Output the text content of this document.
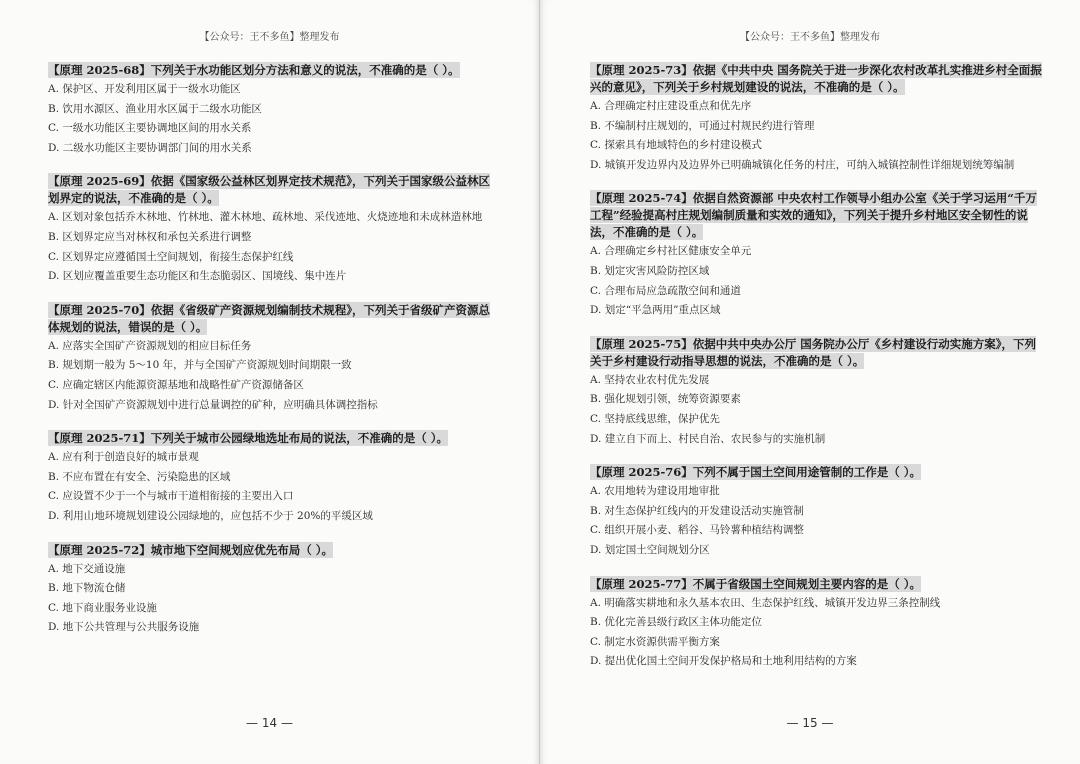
【公众号：王不多鱼】整理发布

【原理 2025-68】下列关于水功能区划分方法和意义的说法，不准确的是（ ）。

A. 保护区、开发利用区属于一级水功能区

B. 饮用水源区、渔业用水区属于二级水功能区

C. 一级水功能区主要协调地区间的用水关系

D. 二级水功能区主要协调部门间的用水关系

【原理 2025-69】依据《国家级公益林区划界定技术规范》，下列关于国家级公益林区划界定的说法，不准确的是（ ）。

A. 区划对象包括乔木林地、竹林地、灌木林地、疏林地、采伐迹地、火烧迹地和未成林造林地

B. 区划界定应当对林权和承包关系进行调整

C. 区划界定应遵循国土空间规划，衔接生态保护红线

D. 区划应覆盖重要生态功能区和生态脆弱区、国境线、集中连片

【原理 2025-70】依据《省级矿产资源规划编制技术规程》，下列关于省级矿产资源总体规划的说法，错误的是（ ）。

A. 应落实全国矿产资源规划的相应目标任务

B. 规划期一般为 5～10 年，并与全国矿产资源规划时间期限一致

C. 应确定辖区内能源资源基地和战略性矿产资源储备区

D. 针对全国矿产资源规划中进行总量调控的矿种，应明确具体调控指标

【原理 2025-71】下列关于城市公园绿地选址布局的说法，不准确的是（ ）。

A. 应有利于创造良好的城市景观

B. 不应布置在有安全、污染隐患的区域

C. 应设置不少于一个与城市干道相衔接的主要出入口

D. 利用山地环境规划建设公园绿地的，应包括不少于 20%的平缓区域

【原理 2025-72】城市地下空间规划应优先布局（ ）。

A. 地下交通设施

B. 地下物流仓储

C. 地下商业服务业设施

D. 地下公共管理与公共服务设施

— 14 —
【公众号：王不多鱼】整理发布

【原理 2025-73】依据《中共中央 国务院关于进一步深化农村改革扎实推进乡村全面振兴的意见》，下列关于乡村规划建设的说法，不准确的是（ ）。

A. 合理确定村庄建设重点和优先序

B. 不编制村庄规划的，可通过村规民约进行管理

C. 探索具有地域特色的乡村建设模式

D. 城镇开发边界内及边界外已明确城镇化任务的村庄，可纳入城镇控制性详细规划统筹编制

【原理 2025-74】依据自然资源部 中央农村工作领导小组办公室《关于学习运用“千万工程”经验提高村庄规划编制质量和实效的通知》，下列关于提升乡村地区安全韧性的说法，不准确的是（ ）。

A. 合理确定乡村社区健康安全单元

B. 划定灾害风险防控区域

C. 合理布局应急疏散空间和通道

D. 划定“平急两用”重点区域

【原理 2025-75】依据中共中央办公厅 国务院办公厅《乡村建设行动实施方案》，下列关于乡村建设行动指导思想的说法，不准确的是（ ）。

A. 坚持农业农村优先发展

B. 强化规划引领，统筹资源要素

C. 坚持底线思维，保护优先

D. 建立自下而上、村民自治、农民参与的实施机制

【原理 2025-76】下列不属于国土空间用途管制的工作是（ ）。

A. 农用地转为建设用地审批

B. 对生态保护红线内的开发建设活动实施管制

C. 组织开展小麦、稻谷、马铃薯种植结构调整

D. 划定国土空间规划分区

【原理 2025-77】不属于省级国土空间规划主要内容的是（ ）。

A. 明确落实耕地和永久基本农田、生态保护红线、城镇开发边界三条控制线

B. 优化完善县级行政区主体功能定位

C. 制定水资源供需平衡方案

D. 提出优化国土空间开发保护格局和土地利用结构的方案

— 15 —
